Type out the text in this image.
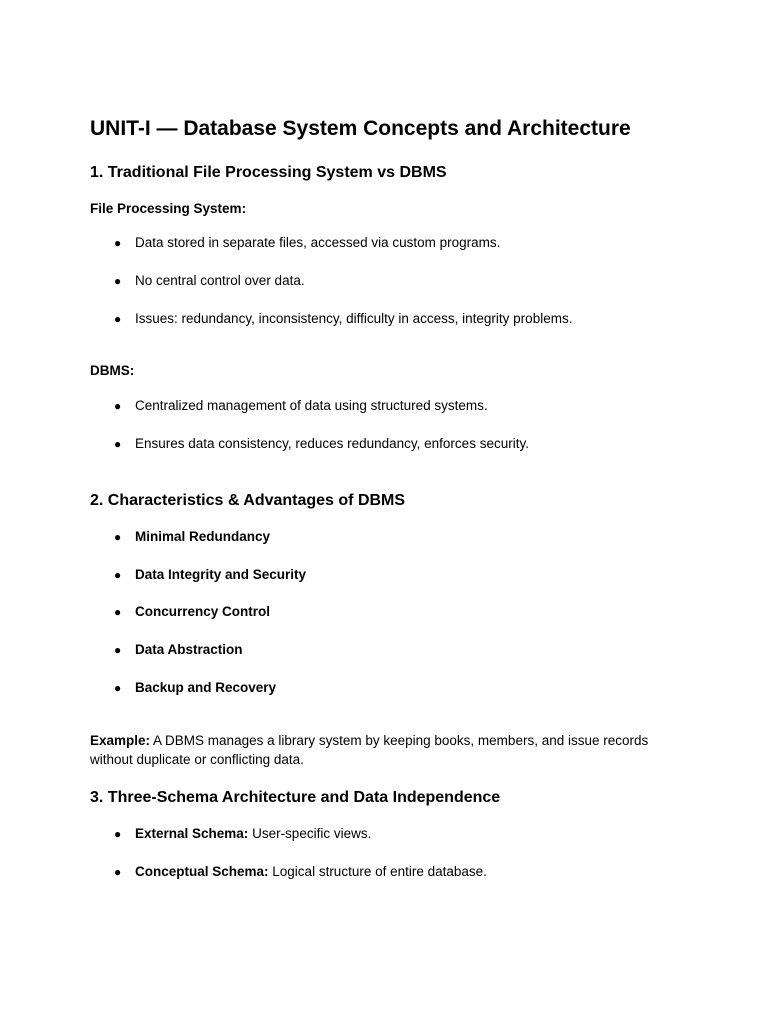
UNIT-I — Database System Concepts and Architecture
1. Traditional File Processing System vs DBMS

File Processing System:

● Data stored in separate files, accessed via custom programs.
● No central control over data.
● Issues: redundancy, inconsistency, difficulty in access, integrity problems.

DBMS:

● Centralized management of data using structured systems.
● Ensures data consistency, reduces redundancy, enforces security.
2. Characteristics & Advantages of DBMS
● Minimal Redundancy
● Data Integrity and Security
● Concurrency Control
● Data Abstraction
● Backup and Recovery

Example: A DBMS manages a library system by keeping books, members, and issue records without duplicate or conflicting data.

3. Three-Schema Architecture and Data Independence
● External Schema: User-specific views.
● Conceptual Schema: Logical structure of entire database.
